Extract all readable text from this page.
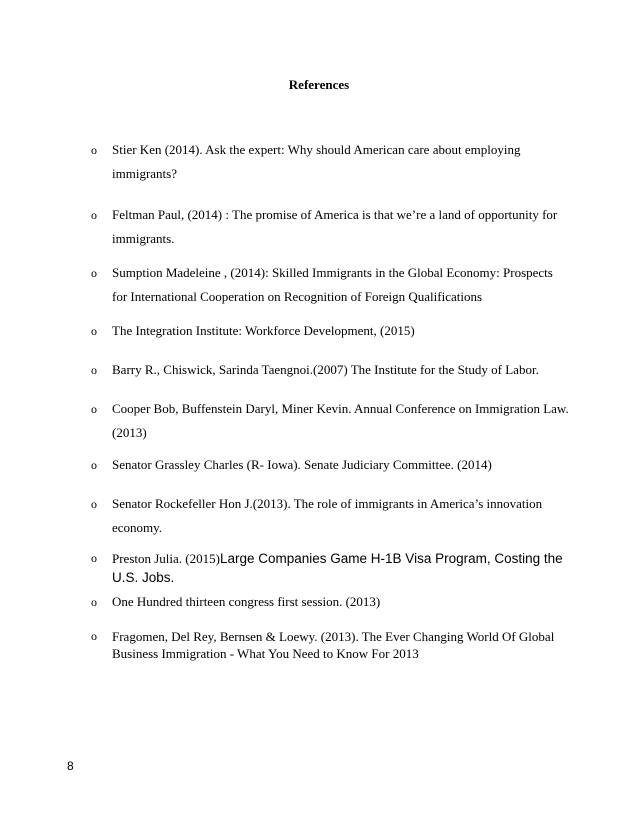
References
o Stier Ken (2014). Ask the expert: Why should American care about employing immigrants?
o Feltman Paul, (2014) : The promise of America is that we’re a land of opportunity for immigrants.
o Sumption Madeleine , (2014): Skilled Immigrants in the Global Economy: Prospects for International Cooperation on Recognition of Foreign Qualifications
o The Integration Institute: Workforce Development, (2015)
o Barry R., Chiswick, Sarinda Taengnoi.(2007) The Institute for the Study of Labor.
o Cooper Bob, Buffenstein Daryl, Miner Kevin. Annual Conference on Immigration Law. (2013)
o Senator Grassley Charles (R- Iowa). Senate Judiciary Committee. (2014)
o Senator Rockefeller Hon J.(2013). The role of immigrants in America’s innovation economy.
o Preston Julia. (2015)Large Companies Game H-1B Visa Program, Costing the U.S. Jobs.
o One Hundred thirteen congress first session. (2013)
o Fragomen, Del Rey, Bernsen & Loewy. (2013). The Ever Changing World Of Global Business Immigration - What You Need to Know For 2013
8
